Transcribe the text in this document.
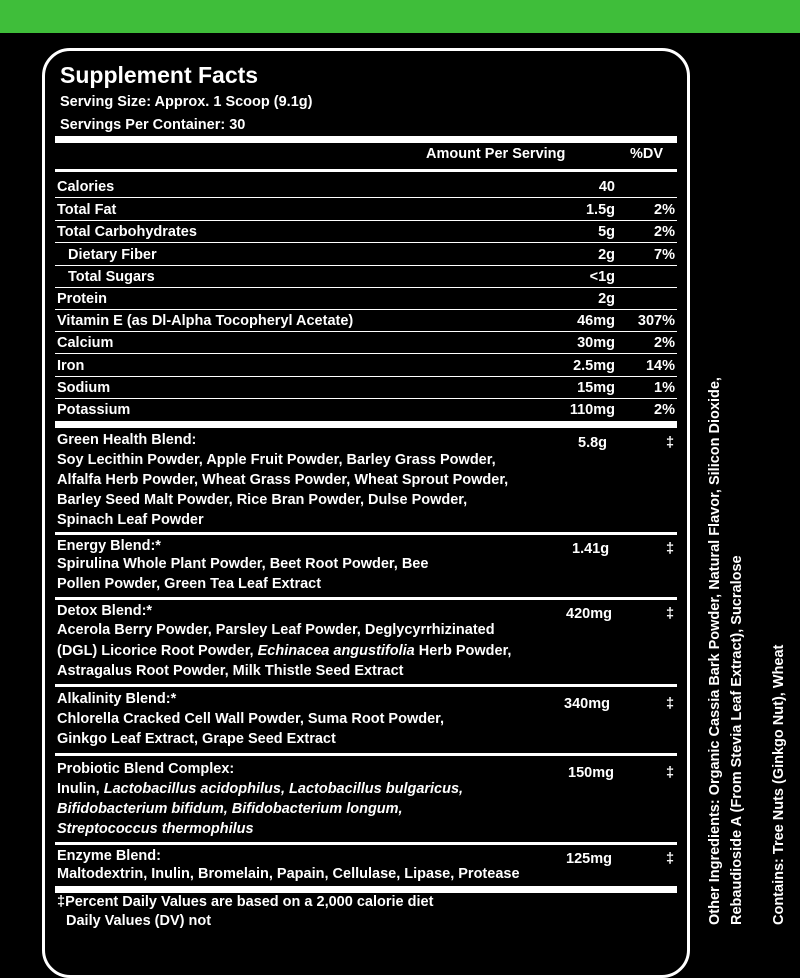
Supplement Facts
Serving Size: Approx. 1 Scoop (9.1g)
Servings Per Container: 30
Amount Per Serving	%DV
Calories	40
Total Fat	1.5g	2%
Total Carbohydrates	5g	2%
Dietary Fiber	2g	7%
Total Sugars	<1g
Protein	2g
Vitamin E (as Dl-Alpha Tocopheryl Acetate)	46mg 307%
Calcium	30mg	2%
Iron	2.5mg 14%
Sodium	15mg	1%
Potassium	110mg	2%
Green Health Blend:	5.8g	‡
Soy Lecithin Powder, Apple Fruit Powder, Barley Grass Powder,
Alfalfa Herb Powder, Wheat Grass Powder, Wheat Sprout Powder,
Barley Seed Malt Powder, Rice Bran Powder, Dulse Powder,
Spinach Leaf Powder
Energy Blend:*	1.41g	‡
Spirulina Whole Plant Powder, Beet Root Powder, Bee
Pollen Powder, Green Tea Leaf Extract
Detox Blend:*	420mg	‡
Acerola Berry Powder, Parsley Leaf Powder, Deglycyrrhizinated
(DGL) Licorice Root Powder, Echinacea angustifolia Herb Powder,
Astragalus Root Powder, Milk Thistle Seed Extract
Alkalinity Blend:*	340mg	‡
Chlorella Cracked Cell Wall Powder, Suma Root Powder,
Ginkgo Leaf Extract, Grape Seed Extract
Probiotic Blend Complex:	150mg	‡
Inulin, Lactobacillus acidophilus, Lactobacillus bulgaricus,
Bifidobacterium bifidum, Bifidobacterium longum,
Streptococcus thermophilus
Enzyme Blend:	125mg	‡
Maltodextrin, Inulin, Bromelain, Papain, Cellulase, Lipase, Protease
‡Percent Daily Values are based on a 2,000 calorie diet
Daily Values (DV) not	Other Ingredients: Organic Cassia Bark Powder, Natural Flavor, Silicon Dioxide, Rebaudioside A (From Stevia Leaf Extract), Sucralose Contains: Tree Nuts (Ginkgo Nut), Wheat
